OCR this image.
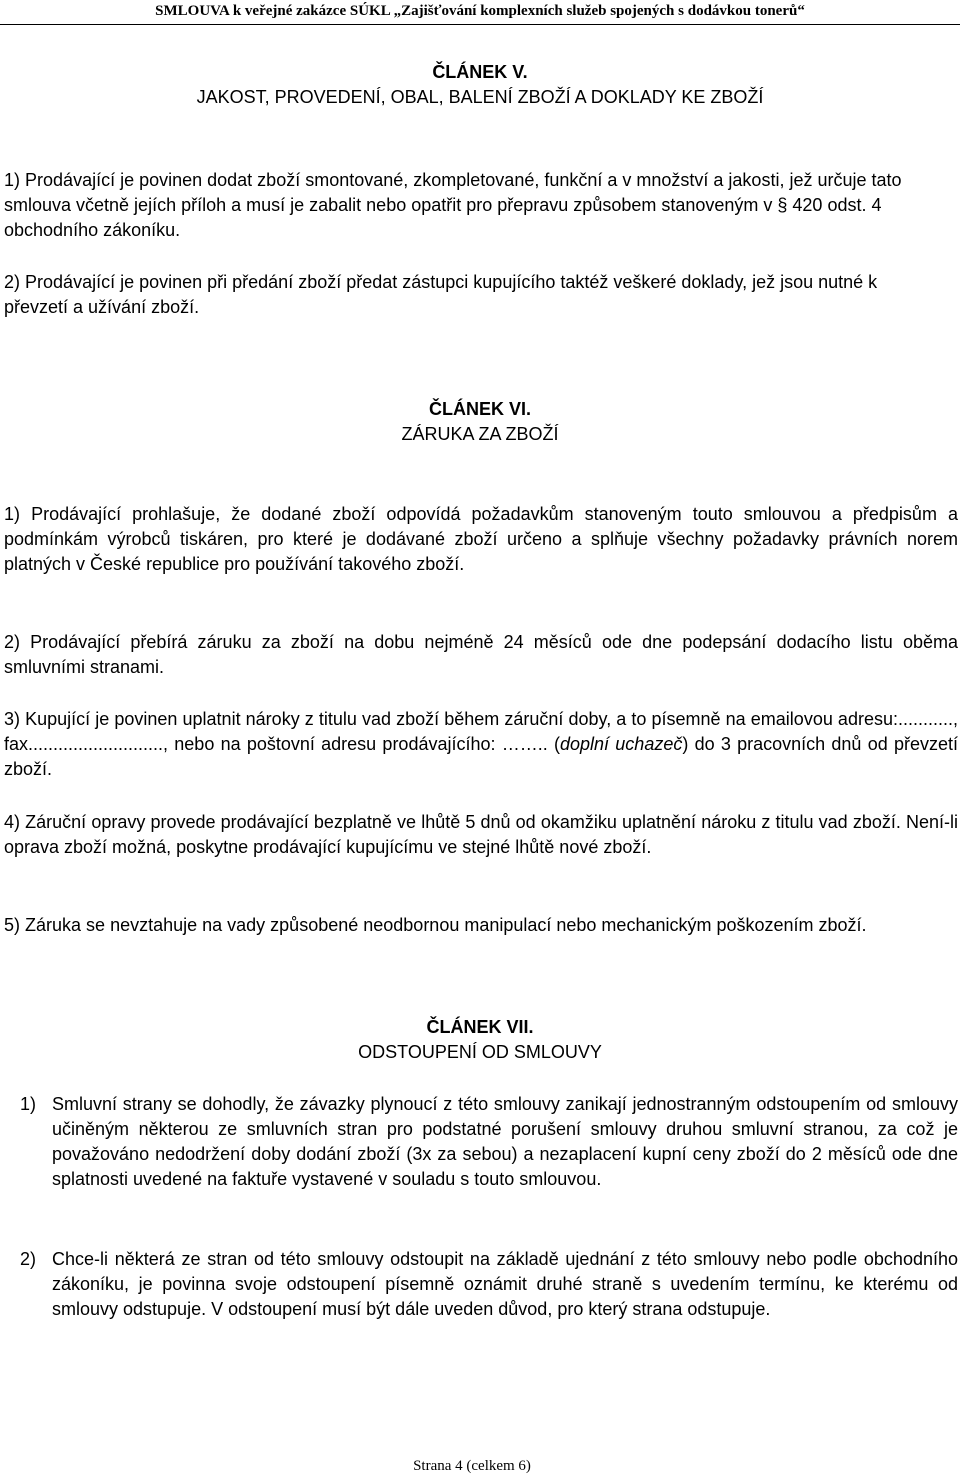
SMLOUVA k veřejné zakázce SÚKL „Zajišťování komplexních služeb spojených s dodávkou tonerů“
ČLÁNEK V.
JAKOST, PROVEDENÍ, OBAL, BALENÍ ZBOŽÍ A DOKLADY KE ZBOŽÍ

1) Prodávající je povinen dodat zboží smontované, zkompletované, funkční a v množství a jakosti, jež určuje tato smlouva včetně jejích příloh a musí je zabalit nebo opatřit pro přepravu způsobem stanoveným v § 420 odst. 4 obchodního zákoníku.

2) Prodávající je povinen při předání zboží předat zástupci kupujícího taktéž veškeré doklady, jež jsou nutné k převzetí a užívání zboží.

ČLÁNEK VI.
ZÁRUKA ZA ZBOŽÍ

1) Prodávající prohlašuje, že dodané zboží odpovídá požadavkům stanoveným touto smlouvou a předpisům a podmínkám výrobců tiskáren, pro které je dodávané zboží určeno a splňuje všechny požadavky právních norem platných v České republice pro používání takového zboží.

2) Prodávající přebírá záruku za zboží na dobu nejméně 24 měsíců ode dne podepsání dodacího listu oběma smluvními stranami.

3) Kupující je povinen uplatnit nároky z titulu vad zboží během záruční doby, a to písemně na emailovou adresu:..........., fax..........................., nebo na poštovní adresu prodávajícího: …….. (doplní uchazeč) do 3 pracovních dnů od převzetí zboží.

4) Záruční opravy provede prodávající bezplatně ve lhůtě 5 dnů od okamžiku uplatnění nároku z titulu vad zboží. Není-li oprava zboží možná, poskytne prodávající kupujícímu ve stejné lhůtě nové zboží.

5) Záruka se nevztahuje na vady způsobené neodbornou manipulací nebo mechanickým poškozením zboží.

ČLÁNEK VII.
ODSTOUPENÍ OD SMLOUVY

1) Smluvní strany se dohodly, že závazky plynoucí z této smlouvy zanikají jednostranným odstoupením od smlouvy učiněným některou ze smluvních stran pro podstatné porušení smlouvy druhou smluvní stranou, za což je považováno nedodržení doby dodání zboží (3x za sebou) a nezaplacení kupní ceny zboží do 2 měsíců ode dne splatnosti uvedené na faktuře vystavené v souladu s touto smlouvou.

2) Chce-li některá ze stran od této smlouvy odstoupit na základě ujednání z této smlouvy nebo podle obchodního zákoníku, je povinna svoje odstoupení písemně oznámit druhé straně s uvedením termínu, ke kterému od smlouvy odstupuje. V odstoupení musí být dále uveden důvod, pro který strana odstupuje.

Strana 4 (celkem 6)
